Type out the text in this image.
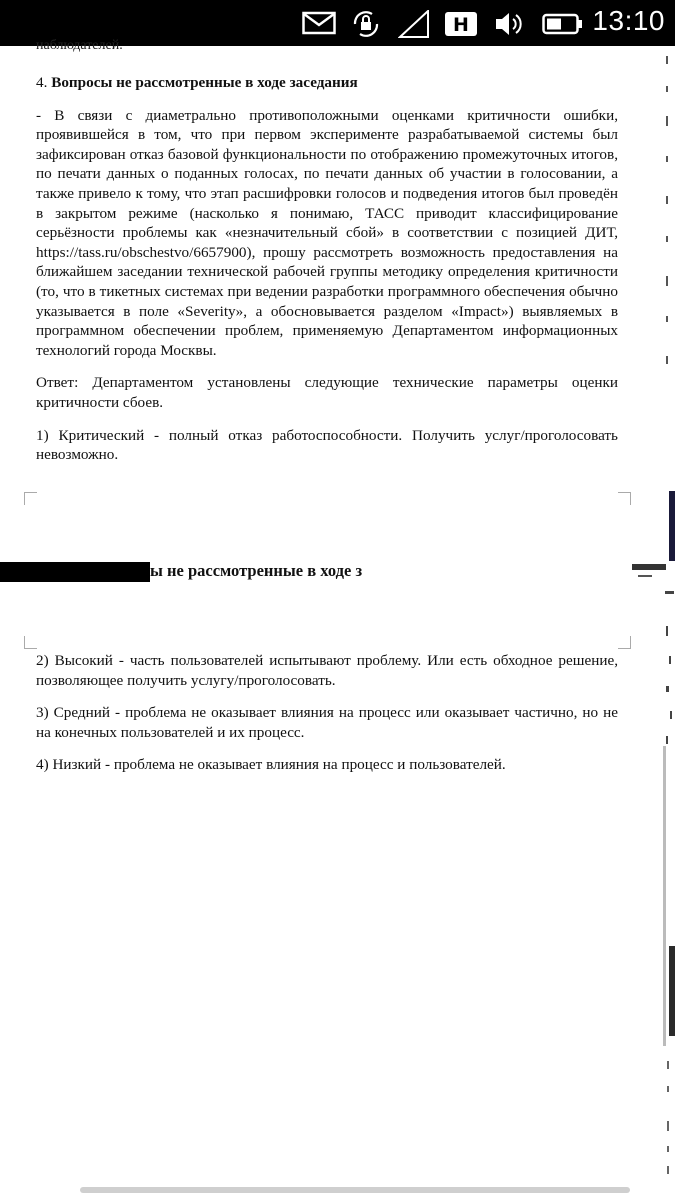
H	13:10
наблюдателей.

4. Вопросы не рассмотренные в ходе заседания

- В связи с диаметрально противоположными оценками критичности ошибки, проявившейся в том, что при первом эксперименте разрабатываемой системы был зафиксирован отказ базовой функциональности по отображению промежуточных итогов, по печати данных о поданных голосах, по печати данных об участии в голосовании, а также привело к тому, что этап расшифровки голосов и подведения итогов был проведён в закрытом режиме (насколько я понимаю, ТАСС приводит классифицирование серьёзности проблемы как «незначительный сбой» в соответствии с позицией ДИТ, https://tass.ru/obschestvo/6657900), прошу рассмотреть возможность предоставления на ближайшем заседании технической рабочей группы методику определения критичности (то, что в тикетных системах при ведении разработки программного обеспечения обычно указывается в поле «Severity», а обосновывается разделом «Impact») выявляемых в программном обеспечении проблем, применяемую Департаментом информационных технологий города Москвы.

Ответ: Департаментом установлены следующие технические параметры оценки критичности сбоев.

1) Критический - полный отказ работоспособности. Получить услуг/проголосовать невозможно.

ы не рассмотренные в ходе з

2) Высокий - часть пользователей испытывают проблему. Или есть обходное решение, позволяющее получить услугу/проголосовать.

3) Средний - проблема не оказывает влияния на процесс или оказывает частично, но не на конечных пользователей и их процесс.

4) Низкий - проблема не оказывает влияния на процесс и пользователей.
